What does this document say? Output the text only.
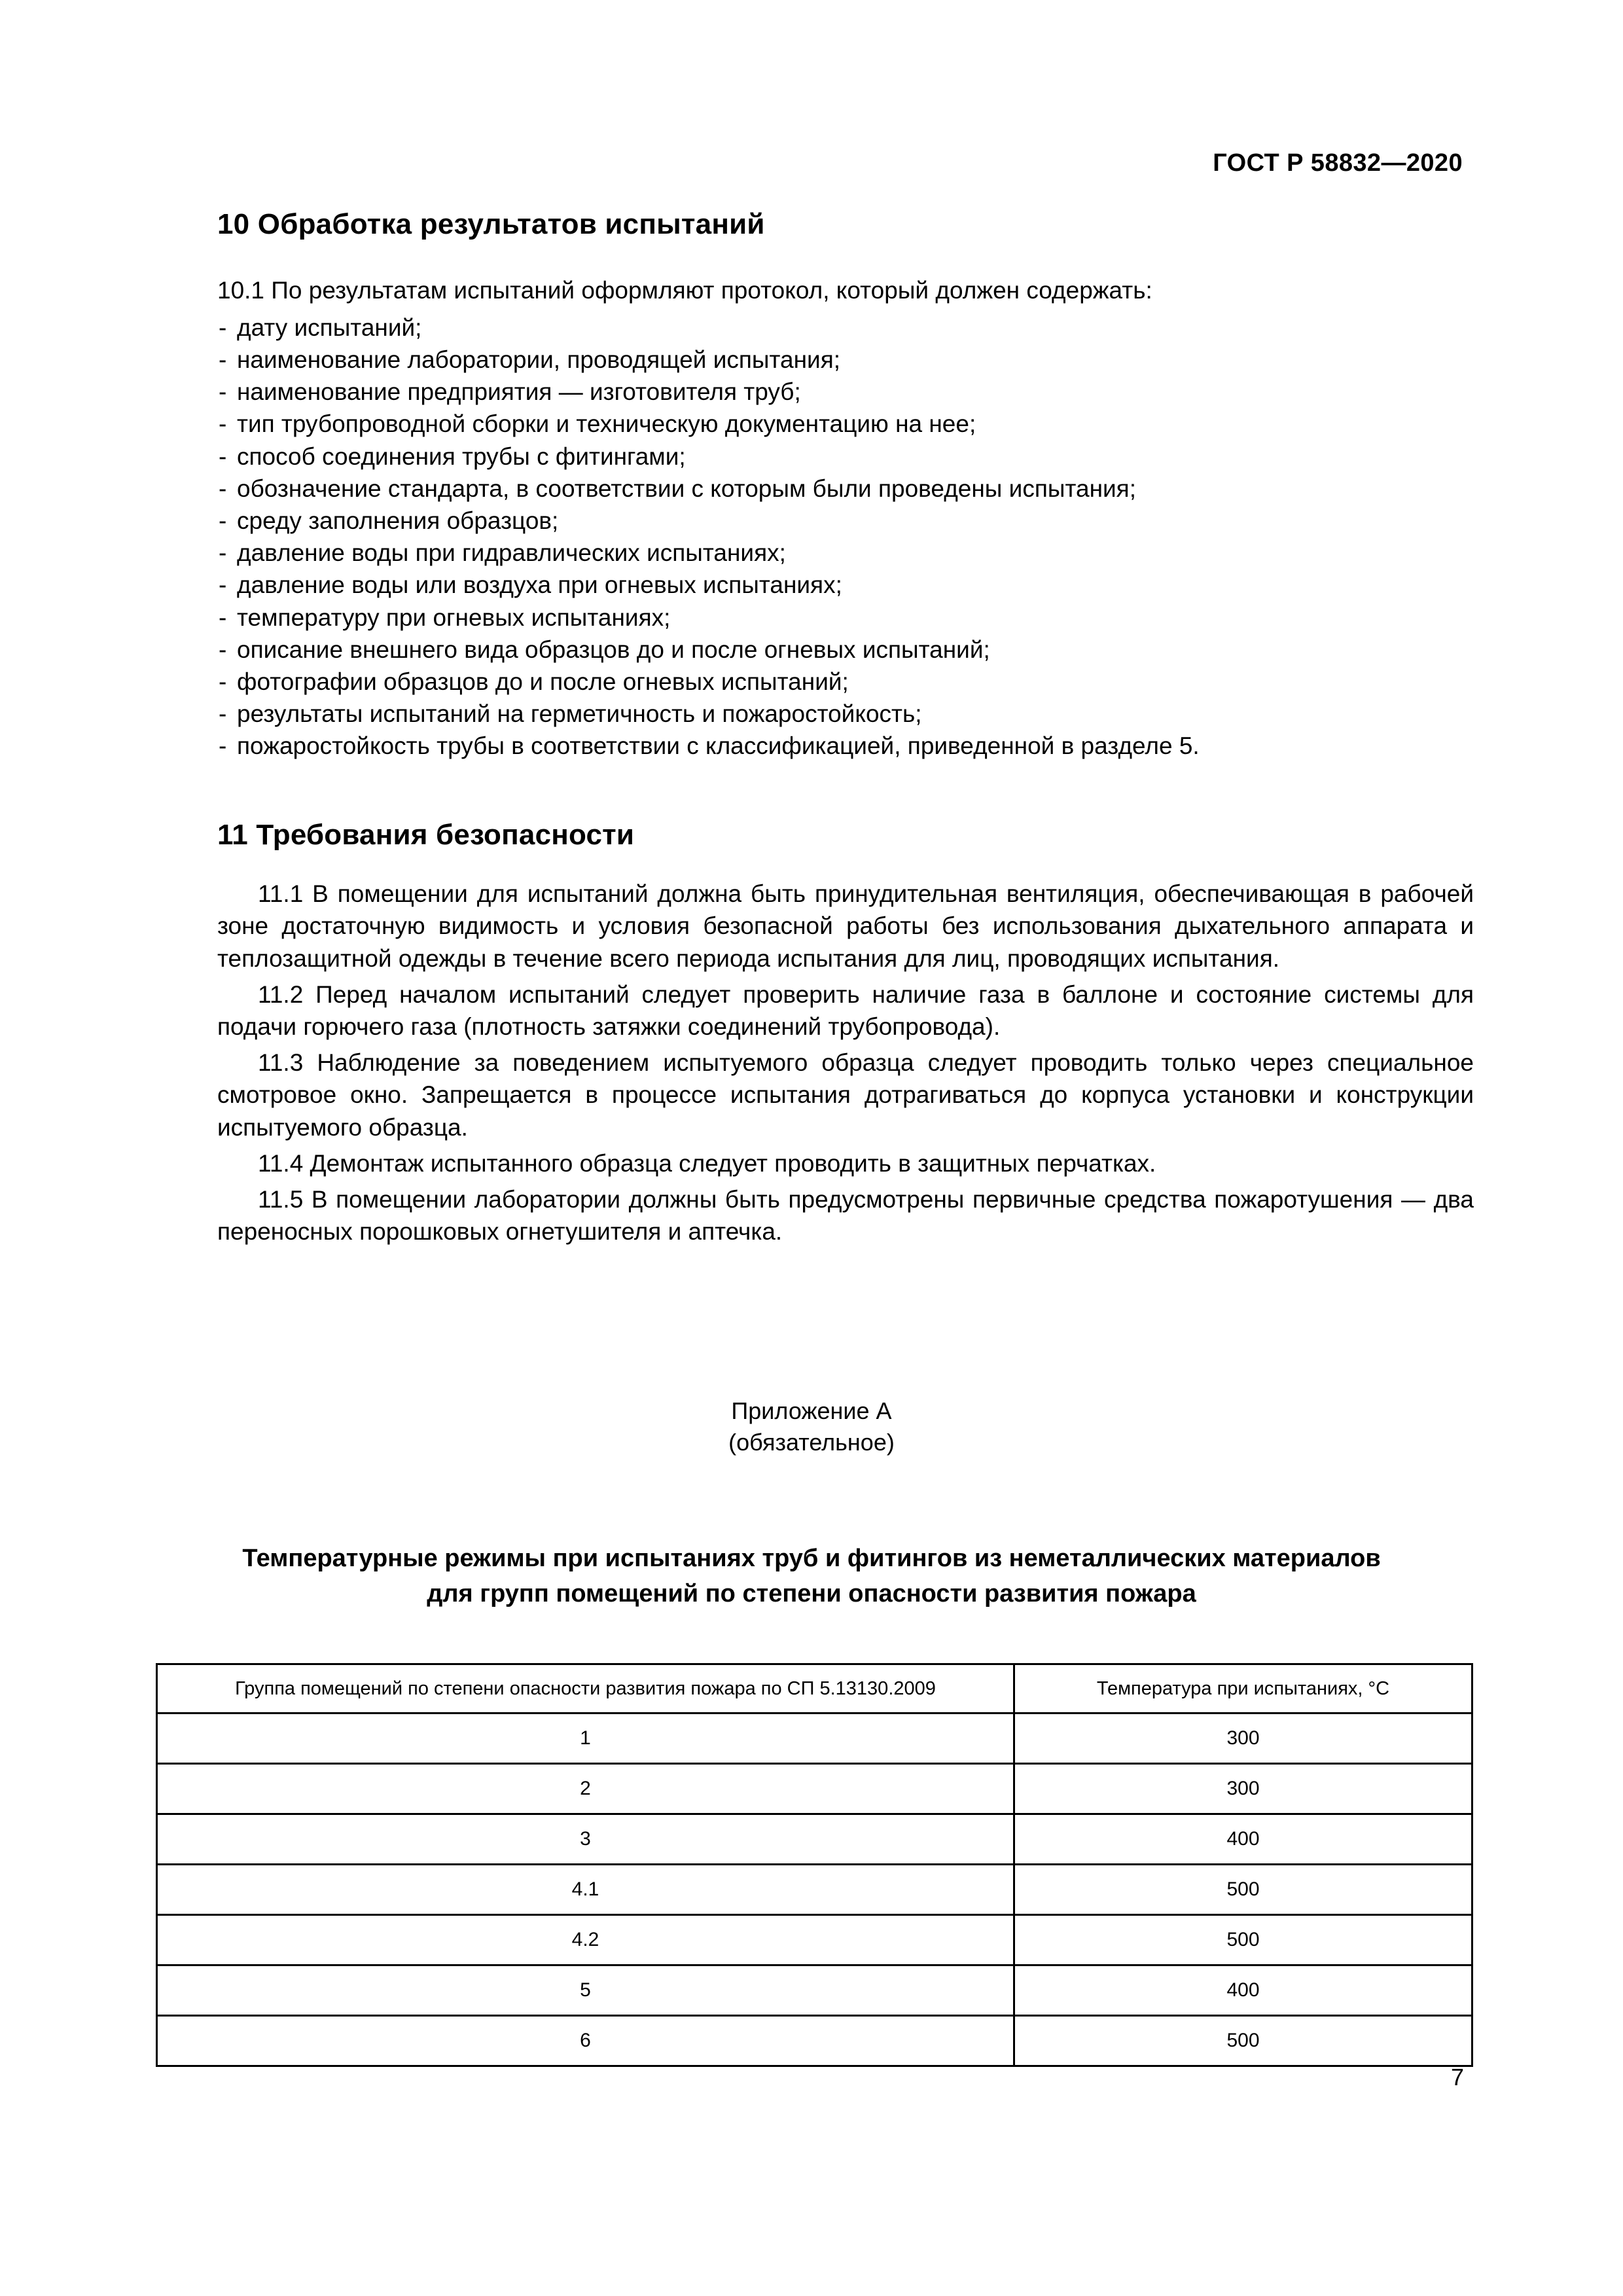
ГОСТ Р 58832—2020
10 Обработка результатов испытаний

10.1 По результатам испытаний оформляют протокол, который должен содержать:

- дату испытаний;
- наименование лаборатории, проводящей испытания;
- наименование предприятия — изготовителя труб;
- тип трубопроводной сборки и техническую документацию на нее;
- способ соединения трубы с фитингами;
- обозначение стандарта, в соответствии с которым были проведены испытания;
- среду заполнения образцов;
- давление воды при гидравлических испытаниях;
- давление воды или воздуха при огневых испытаниях;
- температуру при огневых испытаниях;
- описание внешнего вида образцов до и после огневых испытаний;
- фотографии образцов до и после огневых испытаний;
- результаты испытаний на герметичность и пожаростойкость;
- пожаростойкость трубы в соответствии с классификацией, приведенной в разделе 5.
11 Требования безопасности

11.1 В помещении для испытаний должна быть принудительная вентиляция, обеспечивающая в рабочей зоне достаточную видимость и условия безопасной работы без использования дыхательного аппарата и теплозащитной одежды в течение всего периода испытания для лиц, проводящих испытания.

11.2 Перед началом испытаний следует проверить наличие газа в баллоне и состояние системы для подачи горючего газа (плотность затяжки соединений трубопровода).

11.3 Наблюдение за поведением испытуемого образца следует проводить только через специальное смотровое окно. Запрещается в процессе испытания дотрагиваться до корпуса установки и конструкции испытуемого образца.

11.4 Демонтаж испытанного образца следует проводить в защитных перчатках.

11.5 В помещении лаборатории должны быть предусмотрены первичные средства пожаротушения — два переносных порошковых огнетушителя и аптечка.

Приложение А
(обязательное)
Температурные режимы при испытаниях труб и фитингов из неметаллических материалов
для групп помещений по степени опасности развития пожара
Группа помещений по степени опасности развития пожара по СП 5.13130.2009	Температура при испытаниях, °C
1	300
2	300
3	400
4.1	500
4.2	500
5	400
6	500
7
